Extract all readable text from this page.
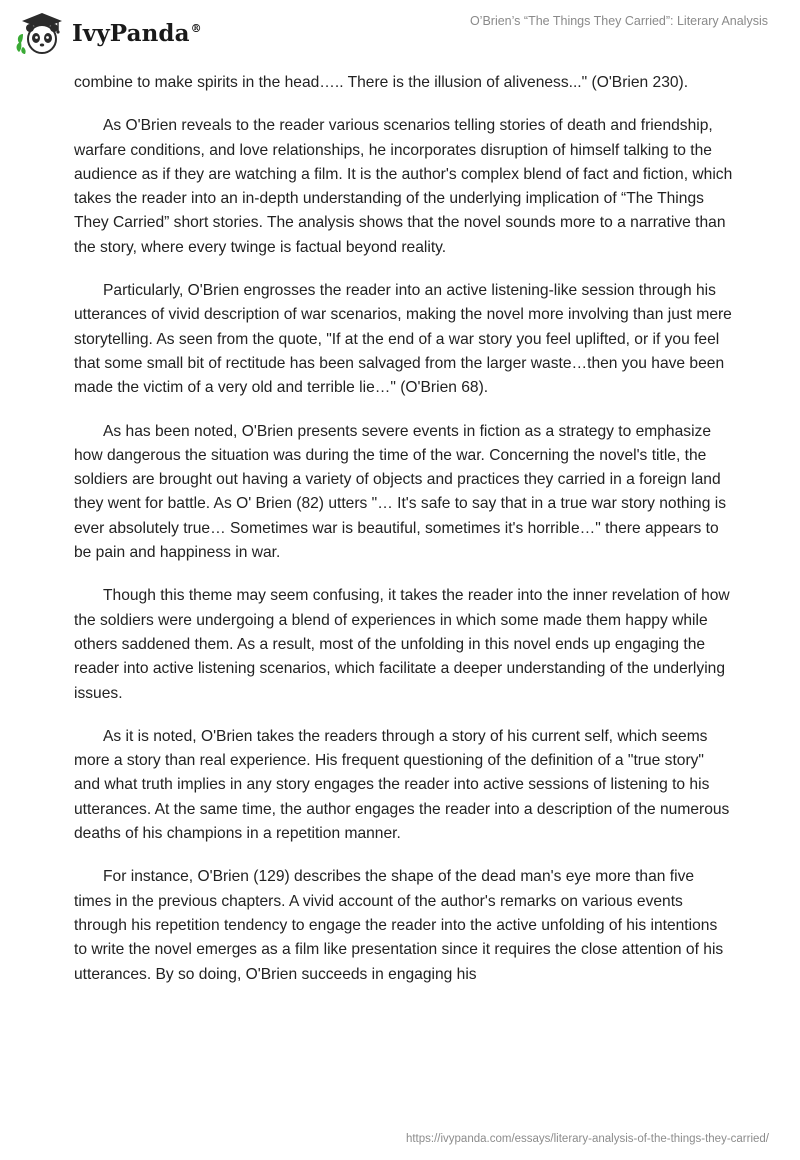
IvyPanda®
O’Brien’s “The Things They Carried”: Literary Analysis

combine to make spirits in the head….. There is the illusion of aliveness..." (O'Brien 230).

As O'Brien reveals to the reader various scenarios telling stories of death and friendship, warfare conditions, and love relationships, he incorporates disruption of himself talking to the audience as if they are watching a film. It is the author's complex blend of fact and fiction, which takes the reader into an in-depth understanding of the underlying implication of “The Things They Carried” short stories. The analysis shows that the novel sounds more to a narrative than the story, where every twinge is factual beyond reality.

Particularly, O'Brien engrosses the reader into an active listening-like session through his utterances of vivid description of war scenarios, making the novel more involving than just mere storytelling. As seen from the quote, "If at the end of a war story you feel uplifted, or if you feel that some small bit of rectitude has been salvaged from the larger waste…then you have been made the victim of a very old and terrible lie…" (O'Brien 68).

As has been noted, O'Brien presents severe events in fiction as a strategy to emphasize how dangerous the situation was during the time of the war. Concerning the novel's title, the soldiers are brought out having a variety of objects and practices they carried in a foreign land they went for battle. As O' Brien (82) utters "… It's safe to say that in a true war story nothing is ever absolutely true… Sometimes war is beautiful, sometimes it's horrible…" there appears to be pain and happiness in war.

Though this theme may seem confusing, it takes the reader into the inner revelation of how the soldiers were undergoing a blend of experiences in which some made them happy while others saddened them. As a result, most of the unfolding in this novel ends up engaging the reader into active listening scenarios, which facilitate a deeper understanding of the underlying issues.

As it is noted, O'Brien takes the readers through a story of his current self, which seems more a story than real experience. His frequent questioning of the definition of a "true story" and what truth implies in any story engages the reader into active sessions of listening to his utterances. At the same time, the author engages the reader into a description of the numerous deaths of his champions in a repetition manner.

For instance, O'Brien (129) describes the shape of the dead man's eye more than five times in the previous chapters. A vivid account of the author's remarks on various events through his repetition tendency to engage the reader into the active unfolding of his intentions to write the novel emerges as a film like presentation since it requires the close attention of his utterances. By so doing, O'Brien succeeds in engaging his

https://ivypanda.com/essays/literary-analysis-of-the-things-they-carried/
